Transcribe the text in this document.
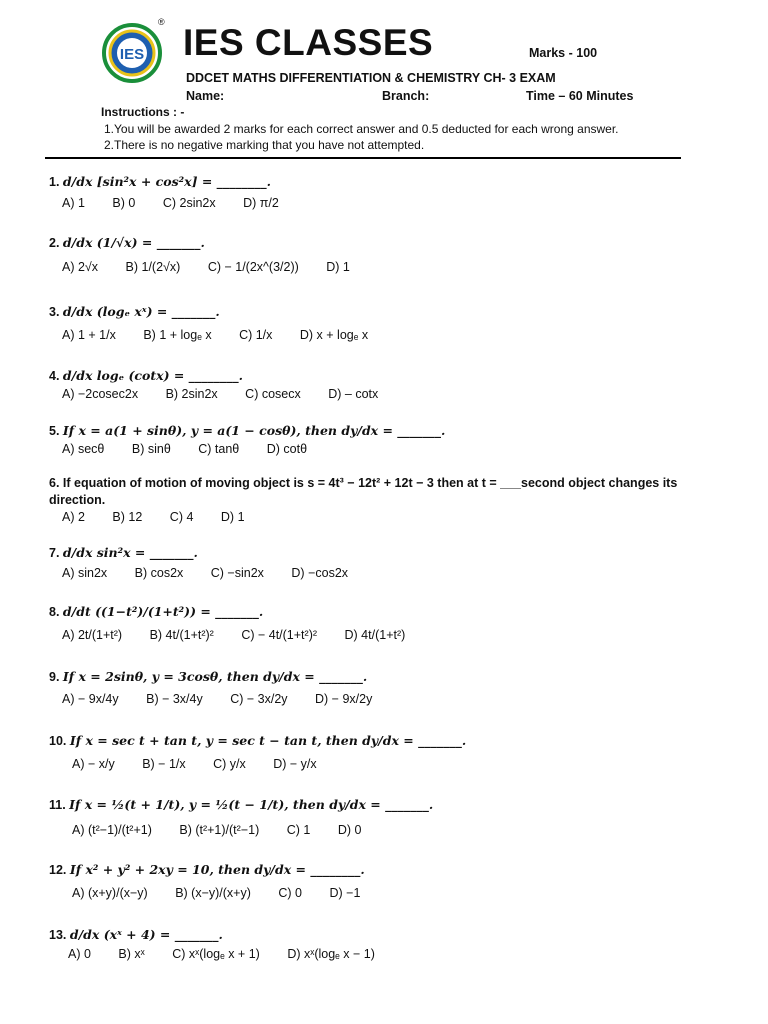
IES
® IES CLASSES	Marks - 100
DDCET MATHS DIFFERENTIATION & CHEMISTRY CH- 3 EXAM
Name:	Branch:	Time – 60 Minutes
Instructions : -
1.You will be awarded 2 marks for each correct answer and 0.5 deducted for each wrong answer.
2.There is no negative marking that you have not attempted.
1. d/dx [sin²x + cos²x] = ________.
A) 1 B) 0 C) 2sin2x D) π/2
2. d/dx (1/√x) = _______.
A) 2√x B) 1/(2√x) C) − 1/(2x^(3/2)) D) 1
3. d/dx (logₑ xˣ) = _______.
A) 1 + 1/x B) 1 + logₑ x C) 1/x D) x + logₑ x
4. d/dx logₑ (cotx) = ________.
A) −2cosec2x B) 2sin2x C) cosecx D) – cotx
5. If x = a(1 + sinθ), y = a(1 − cosθ), then dy/dx = _______.
A) secθ B) sinθ C) tanθ D) cotθ
6. If equation of motion of moving object is s = 4t³ − 12t² + 12t − 3 then at t = ___second object changes its direction.
A) 2 B) 12 C) 4 D) 1
7. d/dx sin²x = _______.
A) sin2x B) cos2x C) −sin2x D) −cos2x
8. d/dt ((1−t²)/(1+t²)) = _______.
A) 2t/(1+t²) B) 4t/(1+t²)² C) − 4t/(1+t²)² D) 4t/(1+t²)
9. If x = 2sinθ, y = 3cosθ, then dy/dx = _______.
A) − 9x/4y B) − 3x/4y C) − 3x/2y D) − 9x/2y
10. If x = sec t + tan t, y = sec t − tan t, then dy/dx = _______.
A) − x/y B) − 1/x C) y/x D) − y/x
11. If x = ½(t + 1/t), y = ½(t − 1/t), then dy/dx = _______.
A) (t²−1)/(t²+1) B) (t²+1)/(t²−1) C) 1 D) 0
12. If x² + y² + 2xy = 10, then dy/dx = ________.
A) (x+y)/(x−y) B) (x−y)/(x+y) C) 0 D) −1
13. d/dx (xˣ + 4) = _______.
A) 0 B) xˣ C) xˣ(logₑ x + 1) D) xˣ(logₑ x − 1)
